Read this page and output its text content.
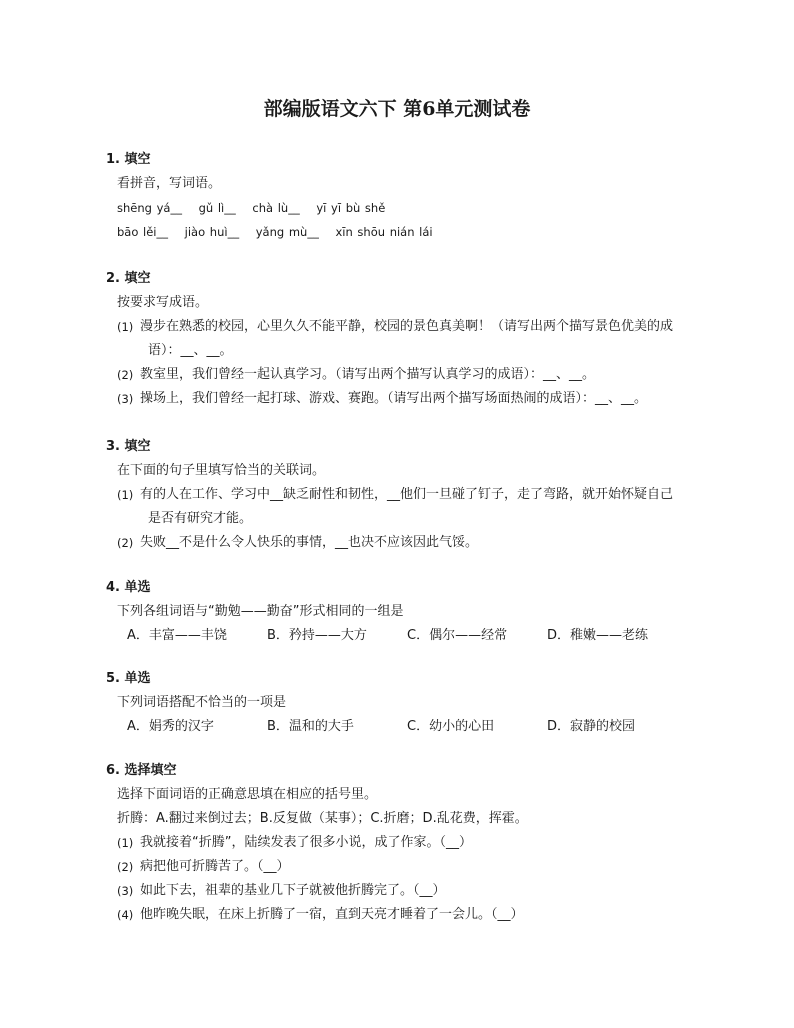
部编版语文六下 第6单元测试卷
1. 填空
看拼音，写词语。
shēng yá__ gǔ lì__ chà lù__ yī yī bù shě
bāo lěi__ jiào huì__ yǎng mù__ xīn shōu nián lái
2. 填空
按要求写成语。
(1) 漫步在熟悉的校园，心里久久不能平静，校园的景色真美啊！（请写出两个描写景色优美的成
语）：__、__。
(2) 教室里，我们曾经一起认真学习。（请写出两个描写认真学习的成语）：__、__。
(3) 操场上，我们曾经一起打球、游戏、赛跑。（请写出两个描写场面热闹的成语）：__、__。
3. 填空
在下面的句子里填写恰当的关联词。
(1) 有的人在工作、学习中__缺乏耐性和韧性，__他们一旦碰了钉子，走了弯路，就开始怀疑自己
是否有研究才能。
(2) 失败__不是什么令人快乐的事情，__也决不应该因此气馁。
4. 单选
下列各组词语与“勤勉——勤奋”形式相同的一组是
A．丰富——丰饶	B．矜持——大方	C．偶尔——经常	D．稚嫩——老练
5. 单选
下列词语搭配不恰当的一项是
A．娟秀的汉字	B．温和的大手	C．幼小的心田	D．寂静的校园
6. 选择填空
选择下面词语的正确意思填在相应的括号里。
折腾：A.翻过来倒过去；B.反复做（某事）；C.折磨；D.乱花费，挥霍。
(1) 我就接着“折腾”，陆续发表了很多小说，成了作家。（__）
(2) 病把他可折腾苦了。（__）
(3) 如此下去，祖辈的基业几下子就被他折腾完了。（__）
(4) 他昨晚失眠，在床上折腾了一宿，直到天亮才睡着了一会儿。（__）
